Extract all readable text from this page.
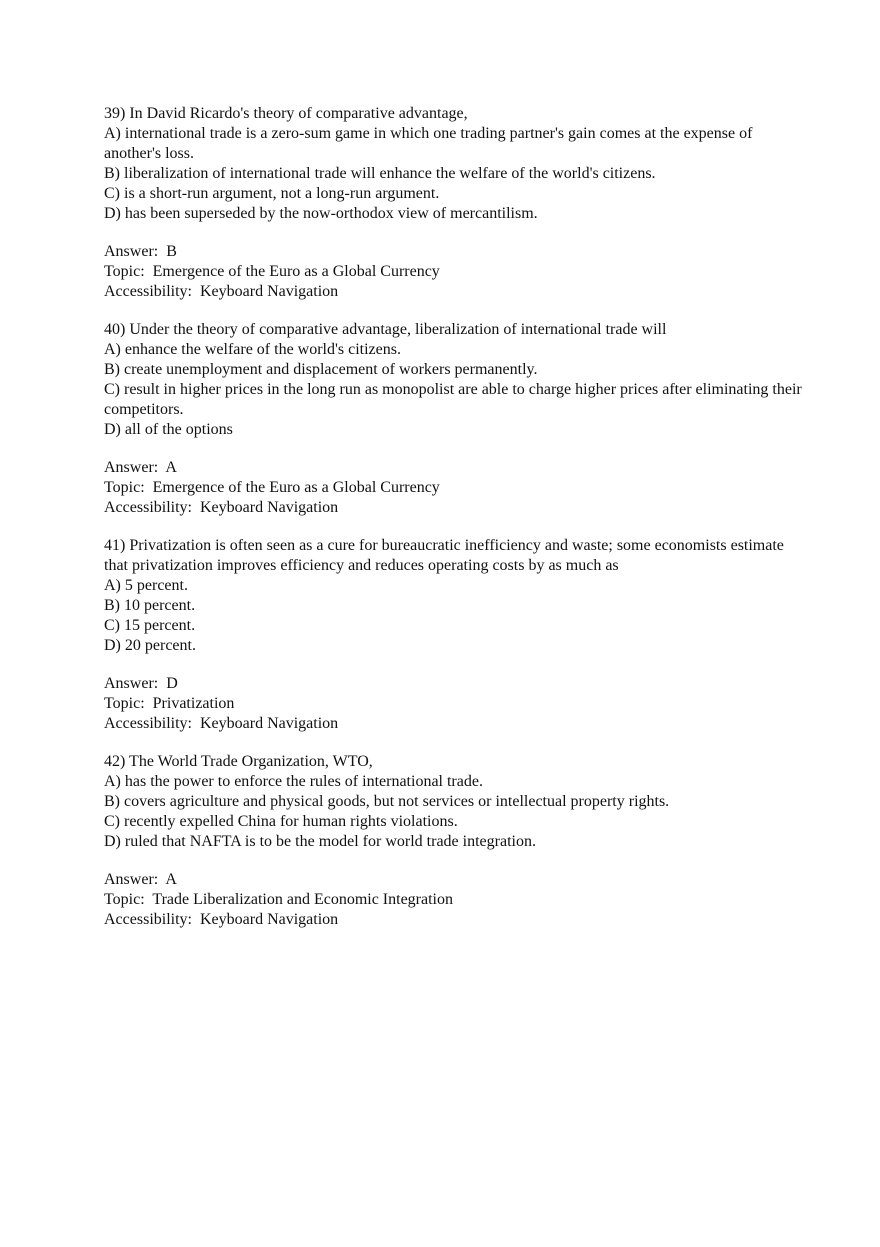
39) In David Ricardo's theory of comparative advantage,
A) international trade is a zero-sum game in which one trading partner's gain comes at the expense of another's loss.
B) liberalization of international trade will enhance the welfare of the world's citizens.
C) is a short-run argument, not a long-run argument.
D) has been superseded by the now-orthodox view of mercantilism.
Answer:  B
Topic:  Emergence of the Euro as a Global Currency
Accessibility:  Keyboard Navigation
40) Under the theory of comparative advantage, liberalization of international trade will
A) enhance the welfare of the world's citizens.
B) create unemployment and displacement of workers permanently.
C) result in higher prices in the long run as monopolist are able to charge higher prices after eliminating their competitors.
D) all of the options
Answer:  A
Topic:  Emergence of the Euro as a Global Currency
Accessibility:  Keyboard Navigation
41) Privatization is often seen as a cure for bureaucratic inefficiency and waste; some economists estimate that privatization improves efficiency and reduces operating costs by as much as
A) 5 percent.
B) 10 percent.
C) 15 percent.
D) 20 percent.
Answer:  D
Topic:  Privatization
Accessibility:  Keyboard Navigation
42) The World Trade Organization, WTO,
A) has the power to enforce the rules of international trade.
B) covers agriculture and physical goods, but not services or intellectual property rights.
C) recently expelled China for human rights violations.
D) ruled that NAFTA is to be the model for world trade integration.
Answer:  A
Topic:  Trade Liberalization and Economic Integration
Accessibility:  Keyboard Navigation
